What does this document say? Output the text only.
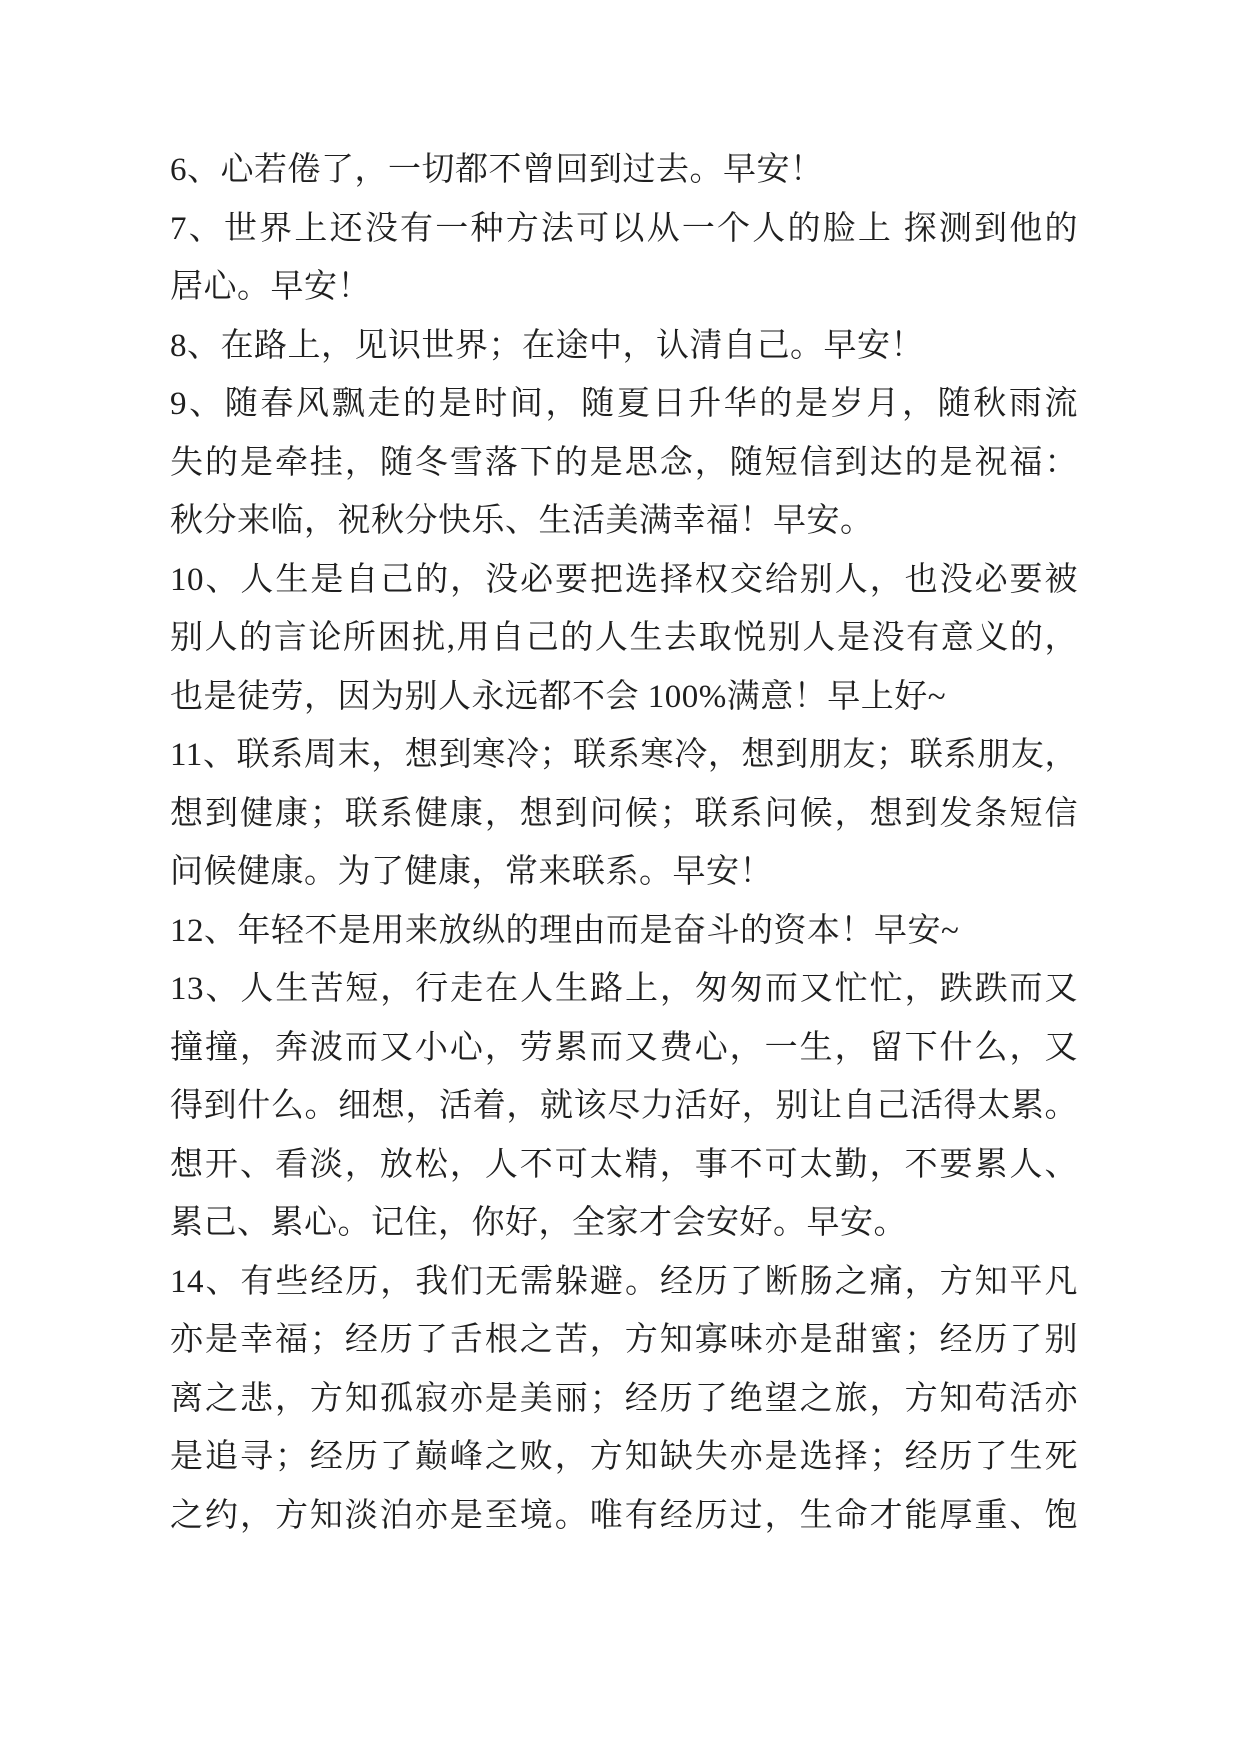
6、心若倦了，一切都不曾回到过去。早安！

7、世界上还没有一种方法可以从一个人的脸上 探测到他的
居心。早安！

8、在路上，见识世界；在途中，认清自己。早安！

9、随春风飘走的是时间，随夏日升华的是岁月，随秋雨流
失的是牵挂，随冬雪落下的是思念，随短信到达的是祝福：
秋分来临，祝秋分快乐、生活美满幸福！早安。

10、人生是自己的，没必要把选择权交给别人，也没必要被
别人的言论所困扰,用自己的人生去取悦别人是没有意义的，
也是徒劳，因为别人永远都不会 100%满意！早上好~

11、联系周末，想到寒冷；联系寒冷，想到朋友；联系朋友，
想到健康；联系健康，想到问候；联系问候，想到发条短信
问候健康。为了健康，常来联系。早安！

12、年轻不是用来放纵的理由而是奋斗的资本！早安~

13、人生苦短，行走在人生路上，匆匆而又忙忙，跌跌而又
撞撞，奔波而又小心，劳累而又费心，一生，留下什么，又
得到什么。细想，活着，就该尽力活好，别让自己活得太累。
想开、看淡，放松，人不可太精，事不可太勤，不要累人、
累己、累心。记住，你好，全家才会安好。早安。

14、有些经历，我们无需躲避。经历了断肠之痛，方知平凡
亦是幸福；经历了舌根之苦，方知寡味亦是甜蜜；经历了别
离之悲，方知孤寂亦是美丽；经历了绝望之旅，方知苟活亦
是追寻；经历了巅峰之败，方知缺失亦是选择；经历了生死
之约，方知淡泊亦是至境。唯有经历过，生命才能厚重、饱
